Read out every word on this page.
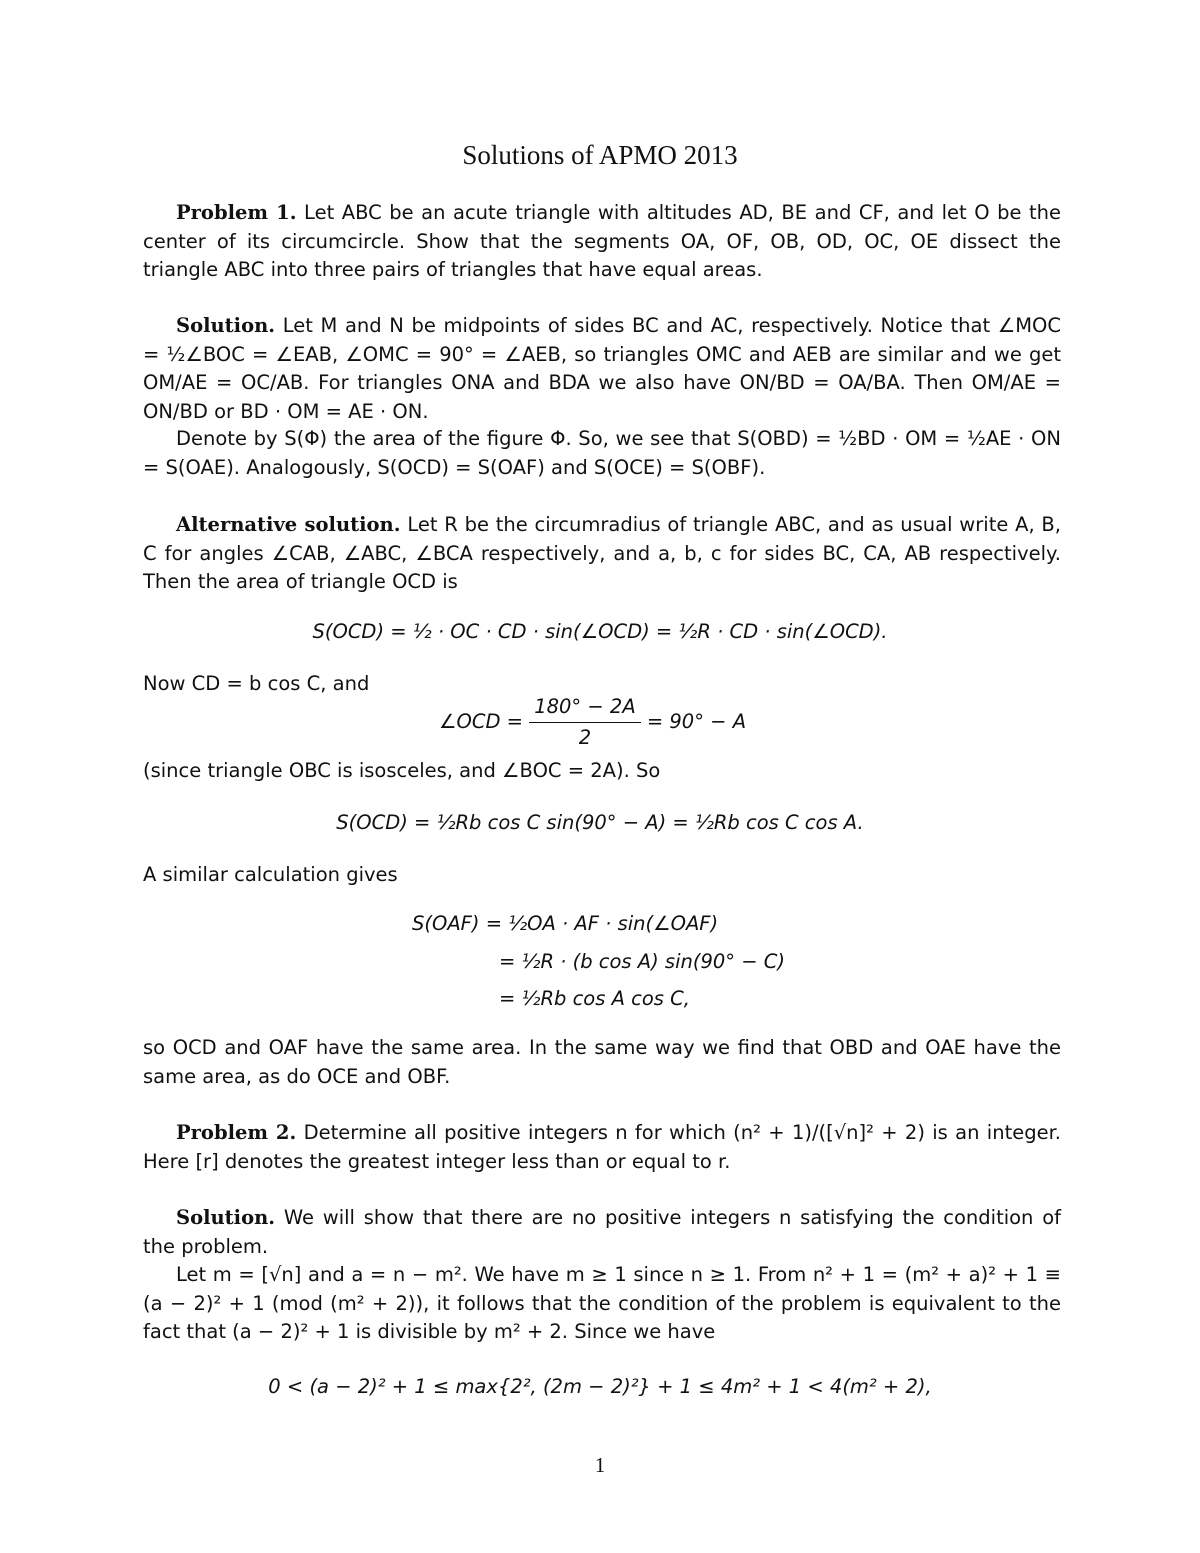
Solutions of APMO 2013

Problem 1. Let ABC be an acute triangle with altitudes AD, BE and CF, and let O be the center of its circumcircle. Show that the segments OA, OF, OB, OD, OC, OE dissect the triangle ABC into three pairs of triangles that have equal areas.

Solution. Let M and N be midpoints of sides BC and AC, respectively. Notice that ∠MOC = ½∠BOC = ∠EAB, ∠OMC = 90° = ∠AEB, so triangles OMC and AEB are similar and we get OM/AE = OC/AB. For triangles ONA and BDA we also have ON/BD = OA/BA. Then OM/AE = ON/BD or BD · OM = AE · ON.

Denote by S(Φ) the area of the figure Φ. So, we see that S(OBD) = ½BD · OM = ½AE · ON = S(OAE). Analogously, S(OCD) = S(OAF) and S(OCE) = S(OBF).

Alternative solution. Let R be the circumradius of triangle ABC, and as usual write A, B, C for angles ∠CAB, ∠ABC, ∠BCA respectively, and a, b, c for sides BC, CA, AB respectively. Then the area of triangle OCD is

S(OCD) = ½ · OC · CD · sin(∠OCD) = ½R · CD · sin(∠OCD).

Now CD = b cos C, and

∠OCD = $\frac{180^\circ - 2A}{2} = 90^\circ - A$

(since triangle OBC is isosceles, and ∠BOC = 2A). So

S(OCD) = ½Rb cos C sin(90° − A) = ½Rb cos C cos A.

A similar calculation gives

S(OAF) = ½OA · AF · sin(∠OAF)
= ½R · (b cos A) sin(90° − C)
= ½Rb cos A cos C,

so OCD and OAF have the same area. In the same way we find that OBD and OAE have the same area, as do OCE and OBF.

Problem 2. Determine all positive integers n for which (n² + 1)/([√n]² + 2) is an integer. Here [r] denotes the greatest integer less than or equal to r.

Solution. We will show that there are no positive integers n satisfying the condition of the problem.

Let m = [√n] and a = n − m². We have m ≥ 1 since n ≥ 1. From n² + 1 = (m² + a)² + 1 ≡ (a − 2)² + 1 (mod (m² + 2)), it follows that the condition of the problem is equivalent to the fact that (a − 2)² + 1 is divisible by m² + 2. Since we have

0 < (a − 2)² + 1 ≤ max{2², (2m − 2)²} + 1 ≤ 4m² + 1 < 4(m² + 2),
1
